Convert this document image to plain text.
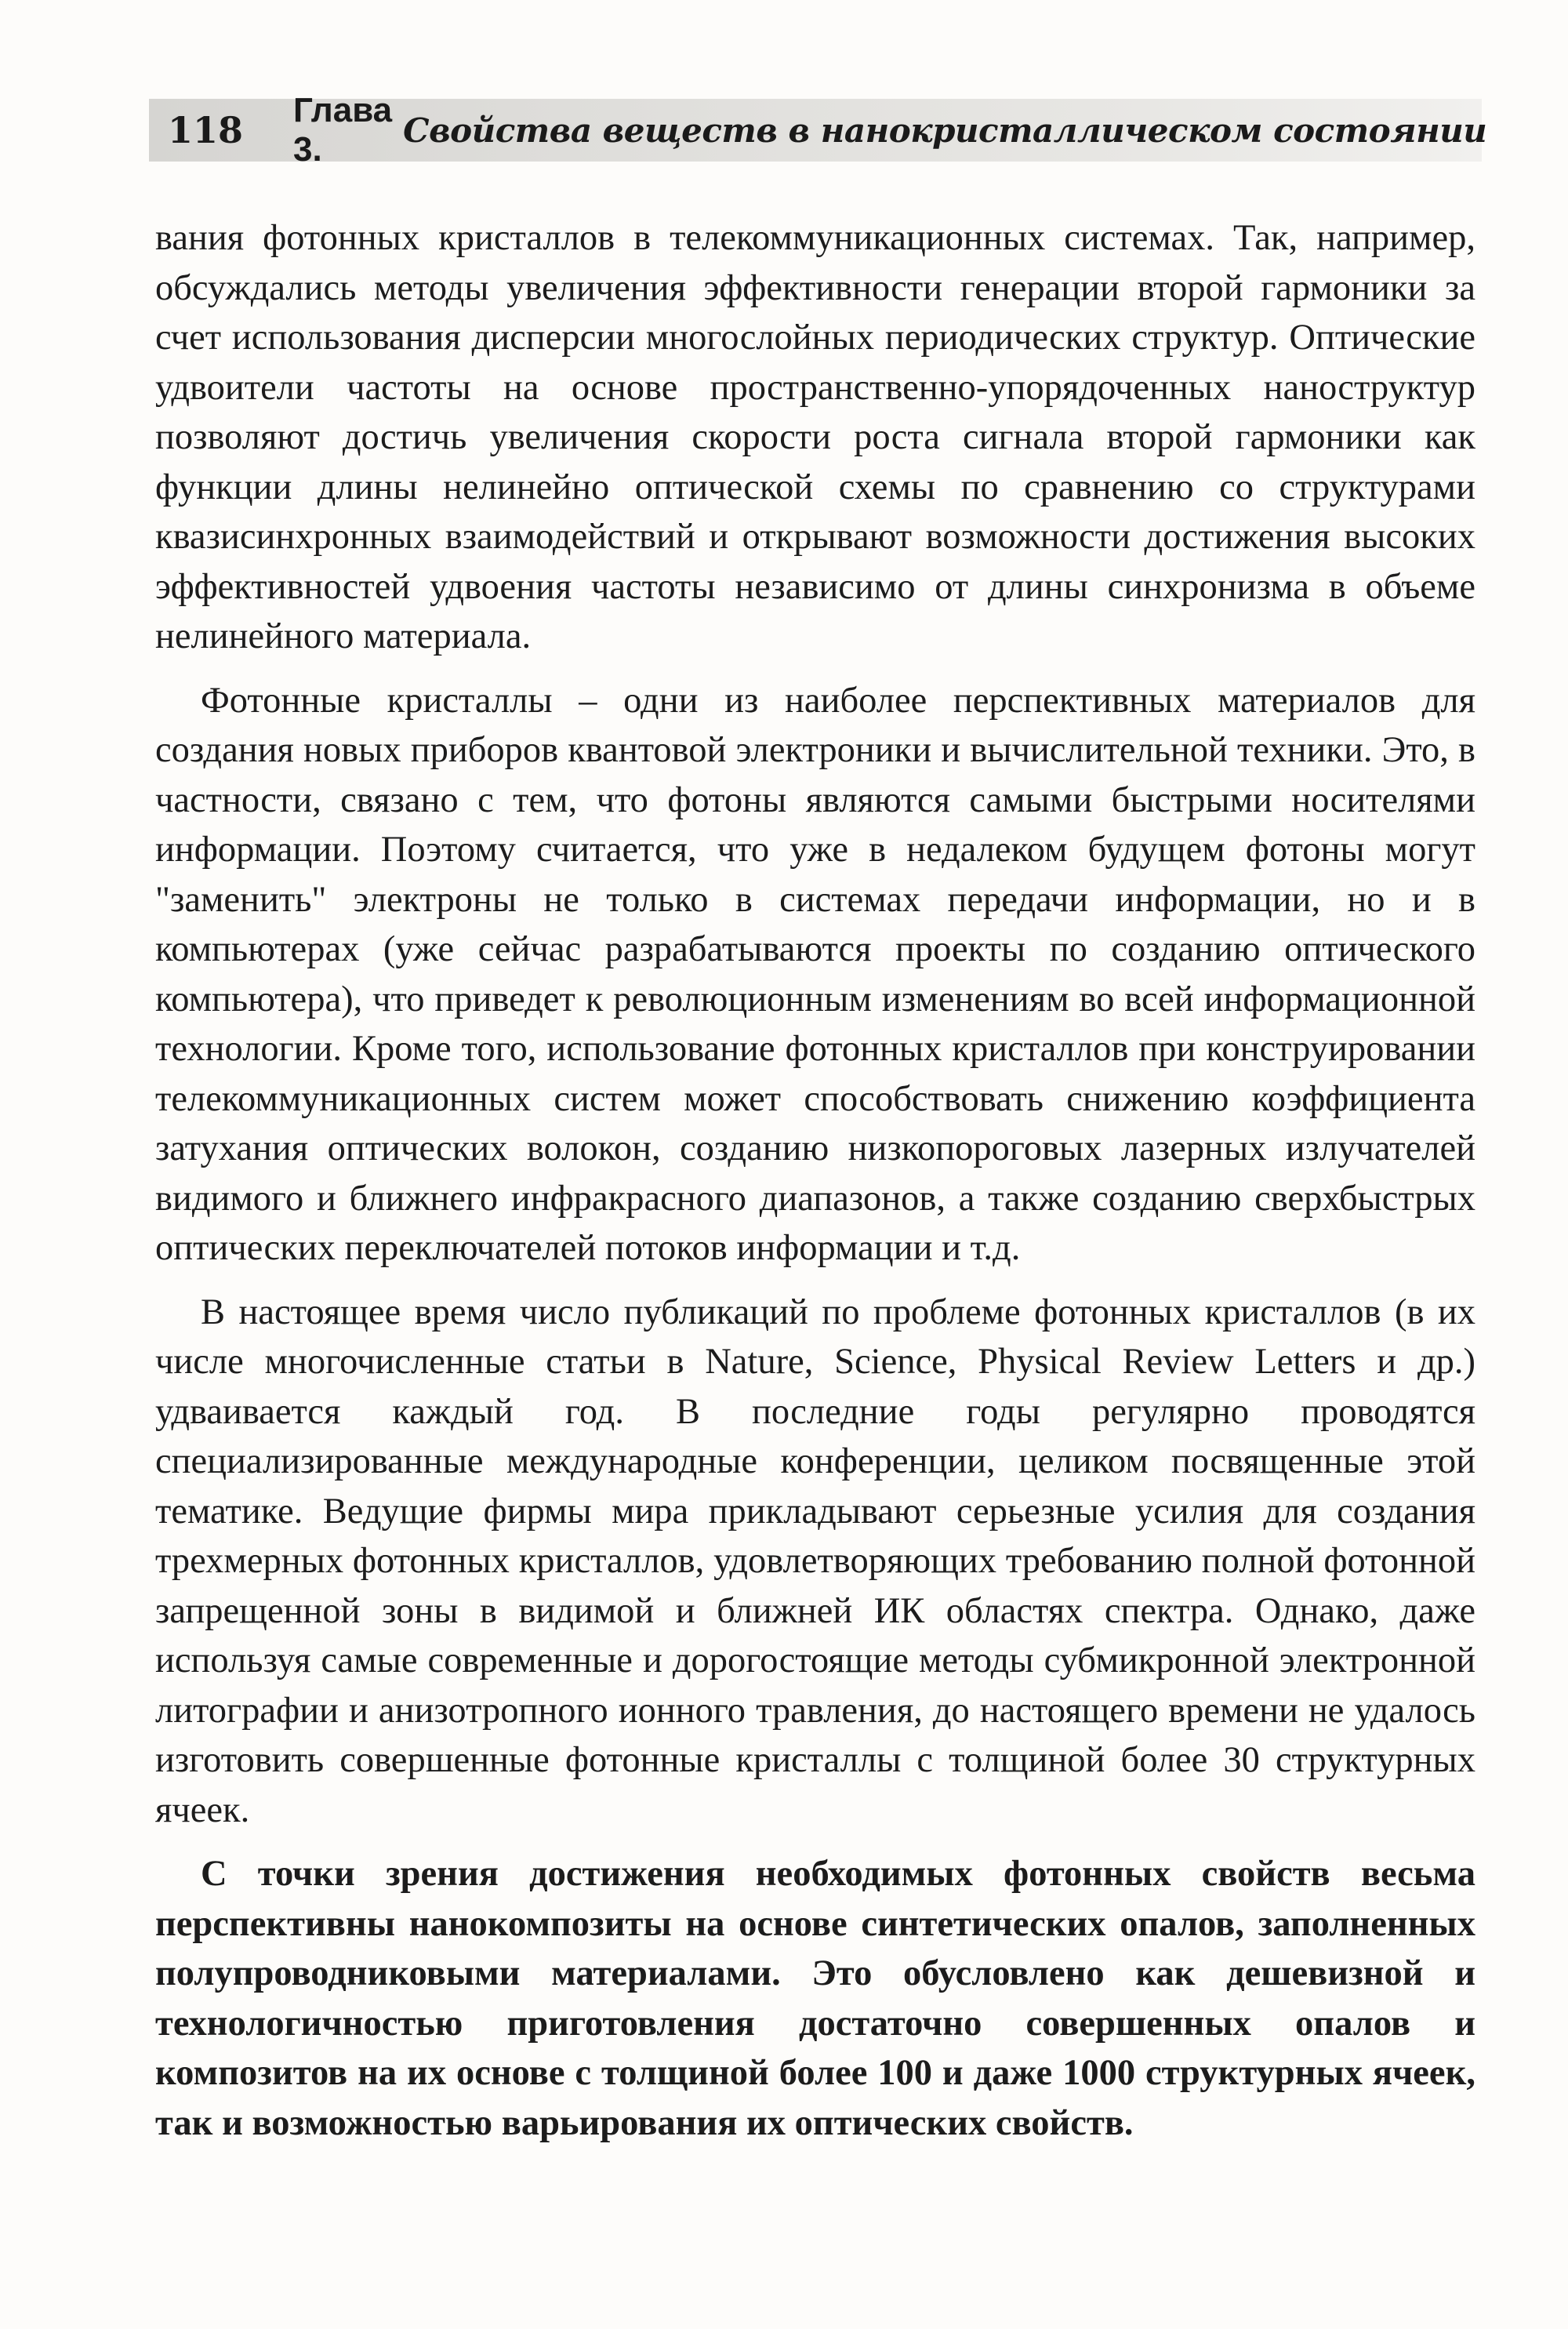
118 Глава 3.	Свойства веществ в нанокристаллическом состоянии

вания фотонных кристаллов в телекоммуникационных системах. Так, например, обсуждались методы увеличения эффективности генерации второй гармоники за счет использования дисперсии многослойных периодических структур. Оптические удвоители частоты на основе пространственно-упорядоченных наноструктур позволяют достичь увеличения скорости роста сигнала второй гармоники как функции длины нелинейно оптической схемы по сравнению со структурами квазисинхронных взаимодействий и открывают возможности достижения высоких эффективностей удвоения частоты независимо от длины синхронизма в объеме нелинейного материала.

Фотонные кристаллы – одни из наиболее перспективных материалов для создания новых приборов квантовой электроники и вычислительной техники. Это, в частности, связано с тем, что фотоны являются самыми быстрыми носителями информации. Поэтому считается, что уже в недалеком будущем фотоны могут "заменить" электроны не только в системах передачи информации, но и в компьютерах (уже сейчас разрабатываются проекты по созданию оптического компьютера), что приведет к революционным изменениям во всей информационной технологии. Кроме того, использование фотонных кристаллов при конструировании телекоммуникационных систем может способствовать снижению коэффициента затухания оптических волокон, созданию низкопороговых лазерных излучателей видимого и ближнего инфракрасного диапазонов, а также созданию сверхбыстрых оптических переключателей потоков информации и т.д.

В настоящее время число публикаций по проблеме фотонных кристаллов (в их числе многочисленные статьи в Nature, Science, Physical Review Letters и др.) удваивается каждый год. В последние годы регулярно проводятся специализированные международные конференции, целиком посвященные этой тематике. Ведущие фирмы мира прикладывают серьезные усилия для создания трехмерных фотонных кристаллов, удовлетворяющих требованию полной фотонной запрещенной зоны в видимой и ближней ИК областях спектра. Однако, даже используя самые современные и дорогостоящие методы субмикронной электронной литографии и анизотропного ионного травления, до настоящего времени не удалось изготовить совершенные фотонные кристаллы с толщиной более 30 структурных ячеек.

С точки зрения достижения необходимых фотонных свойств весьма перспективны нанокомпозиты на основе синтетических опалов, заполненных полупроводниковыми материалами. Это обусловлено как дешевизной и технологичностью приготовления достаточно совершенных опалов и композитов на их основе с толщиной более 100 и даже 1000 структурных ячеек, так и возможностью варьирования их оптических свойств.
